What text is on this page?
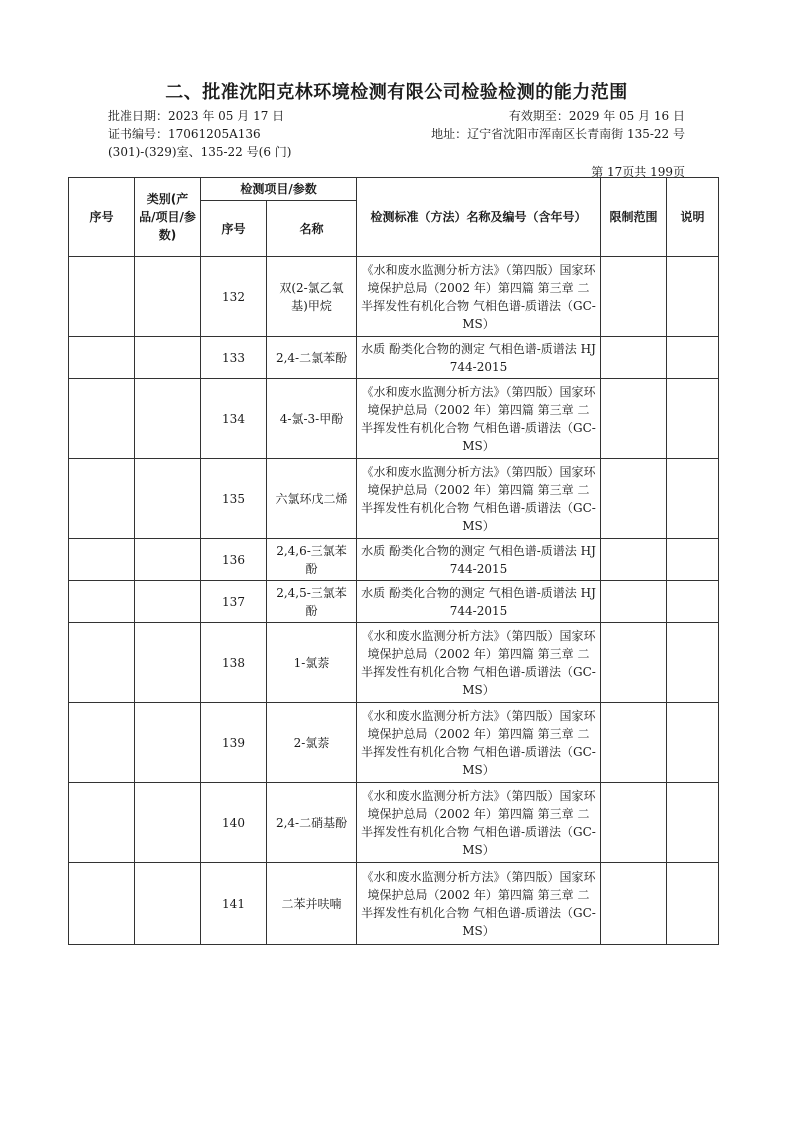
二、批准沈阳克林环境检测有限公司检验检测的能力范围
批准日期：2023 年 05 月 17 日	有效期至：2029 年 05 月 16 日
证书编号：17061205A136	地址：辽宁省沈阳市浑南区长青南街 135-22 号
(301)-(329)室、135-22 号(6 门)
第 17页共 199页
序号	类别(产品/项目/参数)	检测项目/参数		检测标准（方法）名称及编号（含年号）	限制范围	说明
		序号	名称			
		132	双(2-氯乙氧基)甲烷	《水和废水监测分析方法》（第四版）国家环境保护总局（2002 年）第四篇 第三章 二 半挥发性有机化合物 气相色谱-质谱法（GC-MS）		
		133	2,4-二氯苯酚	水质 酚类化合物的测定 气相色谱-质谱法 HJ 744-2015		
		134	4-氯-3-甲酚	《水和废水监测分析方法》（第四版）国家环境保护总局（2002 年）第四篇 第三章 二 半挥发性有机化合物 气相色谱-质谱法（GC-MS）		
		135	六氯环戊二烯	《水和废水监测分析方法》（第四版）国家环境保护总局（2002 年）第四篇 第三章 二 半挥发性有机化合物 气相色谱-质谱法（GC-MS）		
		136	2,4,6-三氯苯酚	水质 酚类化合物的测定 气相色谱-质谱法 HJ 744-2015		
		137	2,4,5-三氯苯酚	水质 酚类化合物的测定 气相色谱-质谱法 HJ 744-2015		
		138	1-氯萘	《水和废水监测分析方法》（第四版）国家环境保护总局（2002 年）第四篇 第三章 二 半挥发性有机化合物 气相色谱-质谱法（GC-MS）		
		139	2-氯萘	《水和废水监测分析方法》（第四版）国家环境保护总局（2002 年）第四篇 第三章 二 半挥发性有机化合物 气相色谱-质谱法（GC-MS）		
		140	2,4-二硝基酚	《水和废水监测分析方法》（第四版）国家环境保护总局（2002 年）第四篇 第三章 二 半挥发性有机化合物 气相色谱-质谱法（GC-MS）		
		141	二苯并呋喃	《水和废水监测分析方法》（第四版）国家环境保护总局（2002 年）第四篇 第三章 二 半挥发性有机化合物 气相色谱-质谱法（GC-MS）		
